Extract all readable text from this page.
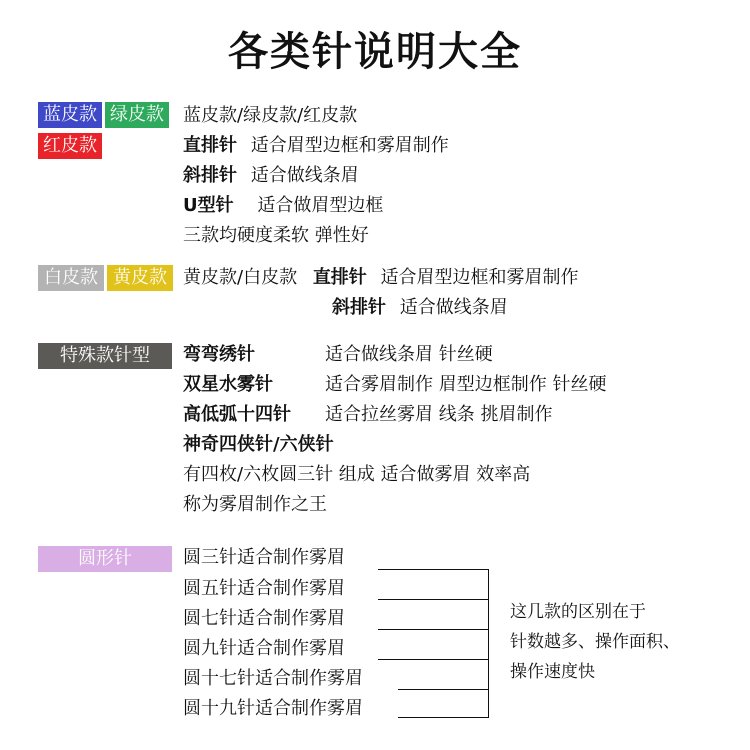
各类针说明大全
蓝皮款 绿皮款
红皮款
蓝皮款/绿皮款/红皮款
直排针 适合眉型边框和雾眉制作
斜排针 适合做线条眉
U型针 适合做眉型边框
三款均硬度柔软 弹性好
白皮款 黄皮款 黄皮款/白皮款 直排针 适合眉型边框和雾眉制作
斜排针 适合做线条眉
特殊款针型	弯弯绣针	适合做线条眉 针丝硬
双星水雾针	适合雾眉制作 眉型边框制作 针丝硬
高低弧十四针 适合拉丝雾眉 线条 挑眉制作
神奇四侠针/六侠针
有四枚/六枚圆三针 组成 适合做雾眉 效率高
称为雾眉制作之王
圆形针	圆三针适合制作雾眉
圆五针适合制作雾眉
圆七针适合制作雾眉
圆九针适合制作雾眉
圆十七针适合制作雾眉
圆十九针适合制作雾眉
这几款的区别在于
针数越多、操作面积、
操作速度快
